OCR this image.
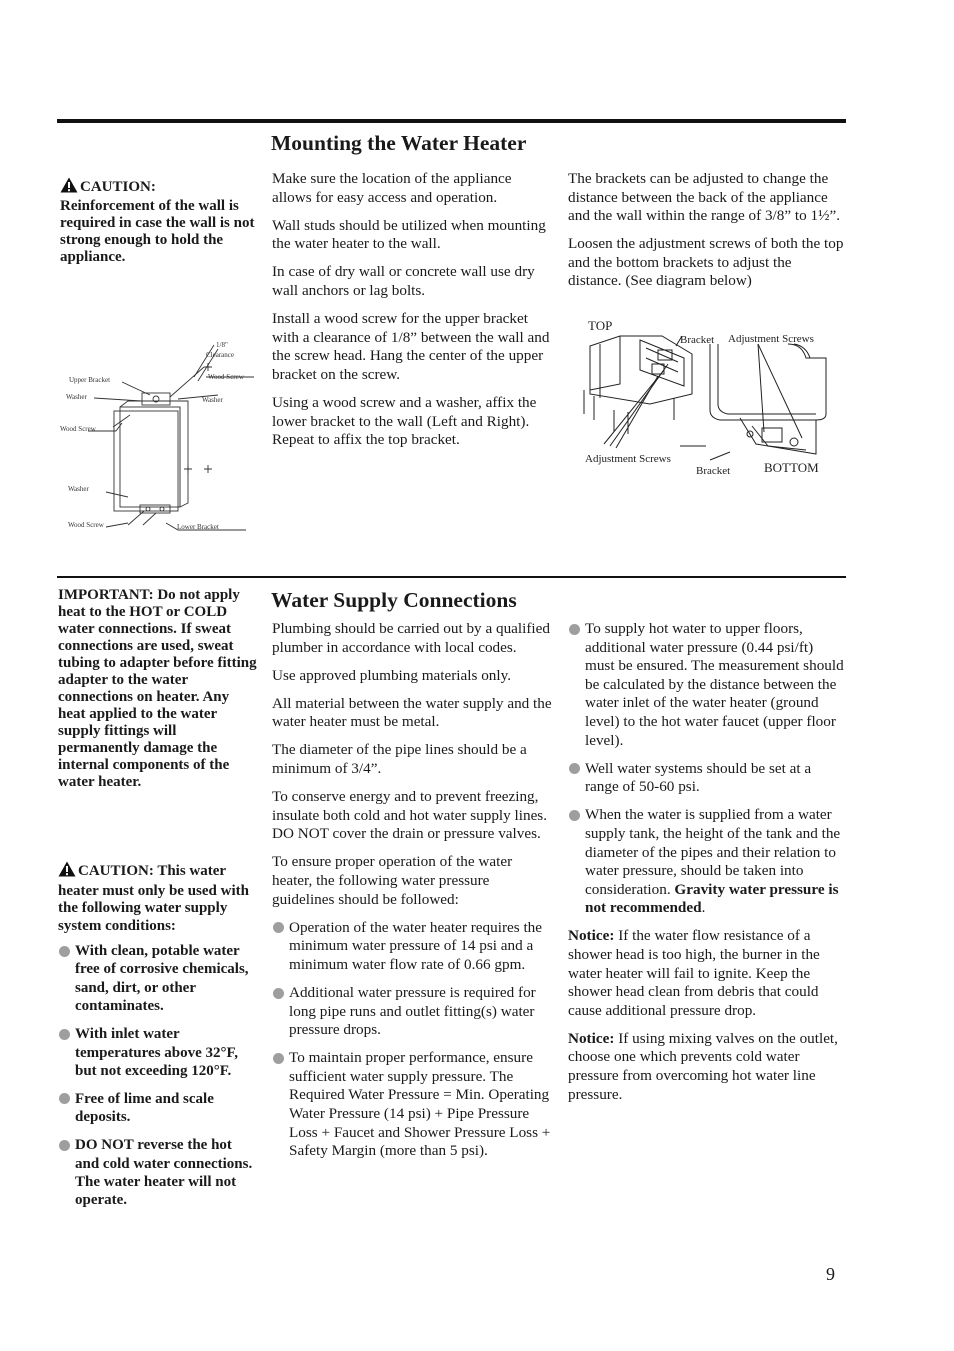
Mounting the Water Heater
CAUTION:
Reinforcement of the wall is required in case the wall is not strong enough to hold the appliance.
1/8"
Clearance
Upper Bracket	Wood Screw
Washer	Washer
Wood Screw
Washer
Wood Screw	Lower Bracket

Make sure the location of the appliance allows for easy access and operation.

Wall studs should be utilized when mounting the water heater to the wall.

In case of dry wall or concrete wall use dry wall anchors or lag bolts.

Install a wood screw for the upper bracket with a clearance of 1/8” between the wall and the screw head. Hang the center of the upper bracket on the screw.

Using a wood screw and a washer, affix the lower bracket to the wall (Left and Right). Repeat to affix the top bracket.

The brackets can be adjusted to change the distance between the back of the appliance and the wall within the range of 3/8” to 1½”.

Loosen the adjustment screws of both the top and the bottom brackets to adjust the distance. (See diagram below)

TOP
Bracket Adjustment Screws
Adjustment Screws
Bracket	BOTTOM
Water Supply Connections
IMPORTANT: Do not apply heat to the HOT or COLD water connections. If sweat connections are used, sweat tubing to adapter before fitting adapter to the water connections on heater. Any heat applied to the water supply fittings will permanently damage the internal components of the water heater.
CAUTION: This water heater must only be used with the following water supply system conditions:
With clean, potable water free of corrosive chemicals, sand, dirt, or other contaminates.
With inlet water temperatures above 32°F, but not exceeding 120°F.
Free of lime and scale deposits.
DO NOT reverse the hot and cold water connections. The water heater will not operate.

Plumbing should be carried out by a qualified plumber in accordance with local codes.

Use approved plumbing materials only.

All material between the water supply and the water heater must be metal.

The diameter of the pipe lines should be a minimum of 3/4”.

To conserve energy and to prevent freezing, insulate both cold and hot water supply lines. DO NOT cover the drain or pressure valves.

To ensure proper operation of the water heater, the following water pressure guidelines should be followed:

Operation of the water heater requires the minimum water pressure of 14 psi and a minimum water flow rate of 0.66 gpm.
Additional water pressure is required for long pipe runs and outlet fitting(s) water pressure drops.
To maintain proper performance, ensure sufficient water supply pressure. The Required Water Pressure = Min. Operating Water Pressure (14 psi) + Pipe Pressure Loss + Faucet and Shower Pressure Loss + Safety Margin (more than 5 psi).
To supply hot water to upper floors, additional water pressure (0.44 psi/ft) must be ensured. The measurement should be calculated by the distance between the water inlet of the water heater (ground level) to the hot water faucet (upper floor level).
Well water systems should be set at a range of 50-60 psi.
When the water is supplied from a water supply tank, the height of the tank and the diameter of the pipes and their relation to water pressure, should be taken into consideration. Gravity water pressure is not recommended.

Notice: If the water flow resistance of a shower head is too high, the burner in the water heater will fail to ignite. Keep the shower head clean from debris that could cause additional pressure drop.

Notice: If using mixing valves on the outlet, choose one which prevents cold water pressure from overcoming hot water line pressure.

9
